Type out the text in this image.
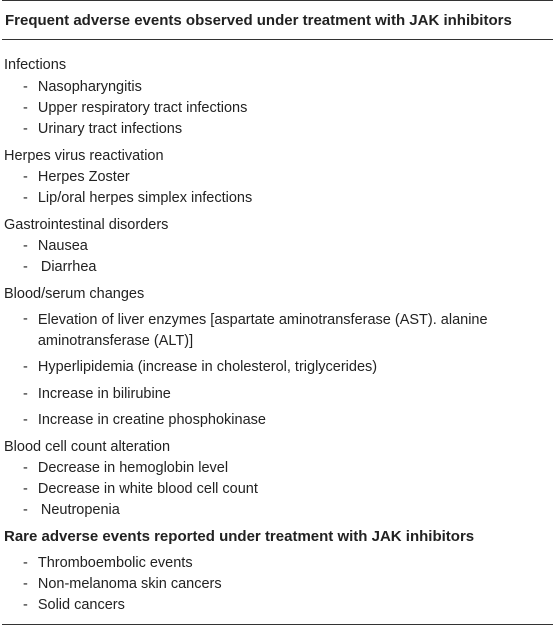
Frequent adverse events observed under treatment with JAK inhibitors
Infections
- Nasopharyngitis
- Upper respiratory tract infections
- Urinary tract infections
Herpes virus reactivation
- Herpes Zoster
- Lip/oral herpes simplex infections
Gastrointestinal disorders
- Nausea
- Diarrhea
Blood/serum changes
- Elevation of liver enzymes [aspartate aminotransferase (AST). alanine aminotransferase (ALT)]
- Hyperlipidemia (increase in cholesterol, triglycerides)
- Increase in bilirubine
- Increase in creatine phosphokinase
Blood cell count alteration
- Decrease in hemoglobin level
- Decrease in white blood cell count
- Neutropenia
Rare adverse events reported under treatment with JAK inhibitors
- Thromboembolic events
- Non-melanoma skin cancers
- Solid cancers
